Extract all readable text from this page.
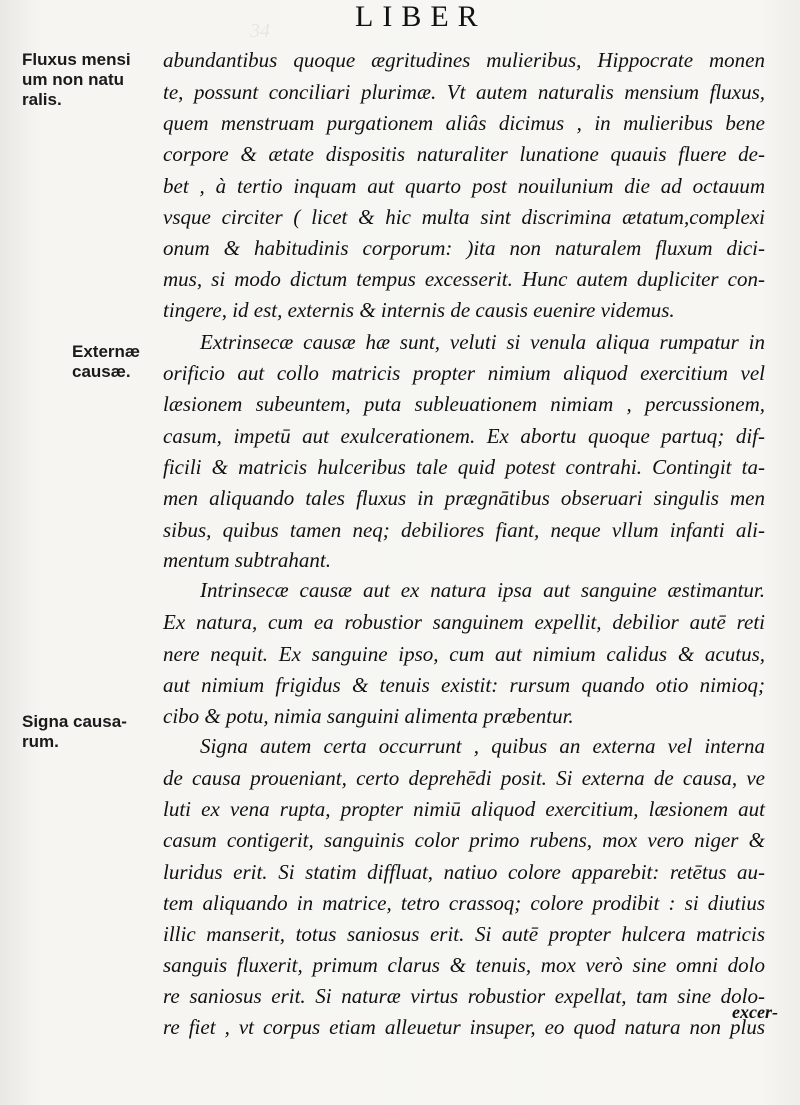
34	LIBER
Fluxus mensi
um non natu
ralis.
Externæ
causæ.
Signa causa-
rum.
abundantibus quoque ægritudines mulieribus, Hippocrate monen
te, possunt conciliari plurimæ. Vt autem naturalis mensium fluxus,
quem menstruam purgationem aliâs dicimus , in mulieribus bene
corpore & ætate dispositis naturaliter lunatione quauis fluere de-
bet , à tertio inquam aut quarto post nouilunium die ad octauum
vsque circiter ( licet & hic multa sint discrimina ætatum,complexi
onum & habitudinis corporum: )ita non naturalem fluxum dici-
mus, si modo dictum tempus excesserit. Hunc autem dupliciter con-
tingere, id est, externis & internis de causis euenire videmus.
Extrinsecæ causæ hæ sunt, veluti si venula aliqua rumpatur in
orificio aut collo matricis propter nimium aliquod exercitium vel
læsionem subeuntem, puta subleuationem nimiam , percussionem,
casum, impetū aut exulcerationem. Ex abortu quoque partuq; dif-
ficili & matricis hulceribus tale quid potest contrahi. Contingit ta-
men aliquando tales fluxus in prægnātibus obseruari singulis men
sibus, quibus tamen neq; debiliores fiant, neque vllum infanti ali-
mentum subtrahant.
Intrinsecæ causæ aut ex natura ipsa aut sanguine æstimantur.
Ex natura, cum ea robustior sanguinem expellit, debilior autē reti
nere nequit. Ex sanguine ipso, cum aut nimium calidus & acutus,
aut nimium frigidus & tenuis existit: rursum quando otio nimioq;
cibo & potu, nimia sanguini alimenta præbentur.
Signa autem certa occurrunt , quibus an externa vel interna
de causa proueniant, certo deprehēdi posit. Si externa de causa, ve
luti ex vena rupta, propter nimiū aliquod exercitium, læsionem aut
casum contigerit, sanguinis color primo rubens, mox vero niger &
luridus erit. Si statim diffluat, natiuo colore apparebit: retētus au-
tem aliquando in matrice, tetro crassoq; colore prodibit : si diutius
illic manserit, totus saniosus erit. Si autē propter hulcera matricis
sanguis fluxerit, primum clarus & tenuis, mox verò sine omni dolo
re saniosus erit. Si naturæ virtus robustior expellat, tam sine dolo-
re fiet , vt corpus etiam alleuetur insuper, eo quod natura non plus
excer-
